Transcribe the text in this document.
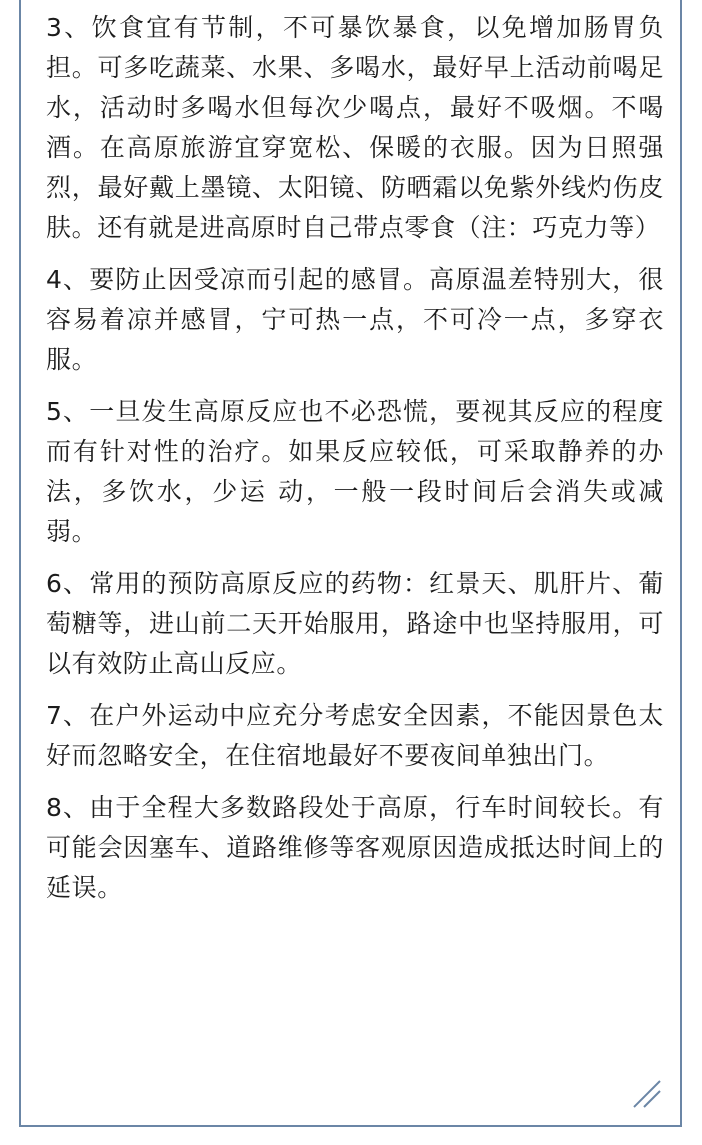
3、饮食宜有节制，不可暴饮暴食，以免增加肠胃负担。可多吃蔬菜、水果、多喝水，最好早上活动前喝足水，活动时多喝水但每次少喝点，最好不吸烟。不喝酒。在高原旅游宜穿宽松、保暖的衣服。因为日照强烈，最好戴上墨镜、太阳镜、防晒霜以免紫外线灼伤皮肤。还有就是进高原时自己带点零食（注：巧克力等）

4、要防止因受凉而引起的感冒。高原温差特别大，很容易着凉并感冒，宁可热一点，不可冷一点，多穿衣服。

5、一旦发生高原反应也不必恐慌，要视其反应的程度而有针对性的治疗。如果反应较低，可采取静养的办法，多饮水，少运 动，一般一段时间后会消失或减弱。

6、常用的预防高原反应的药物：红景天、肌肝片、葡萄糖等，进山前二天开始服用，路途中也坚持服用，可以有效防止高山反应。

7、在户外运动中应充分考虑安全因素，不能因景色太好而忽略安全，在住宿地最好不要夜间单独出门。

8、由于全程大多数路段处于高原，行车时间较长。有可能会因塞车、道路维修等客观原因造成抵达时间上的延误。
